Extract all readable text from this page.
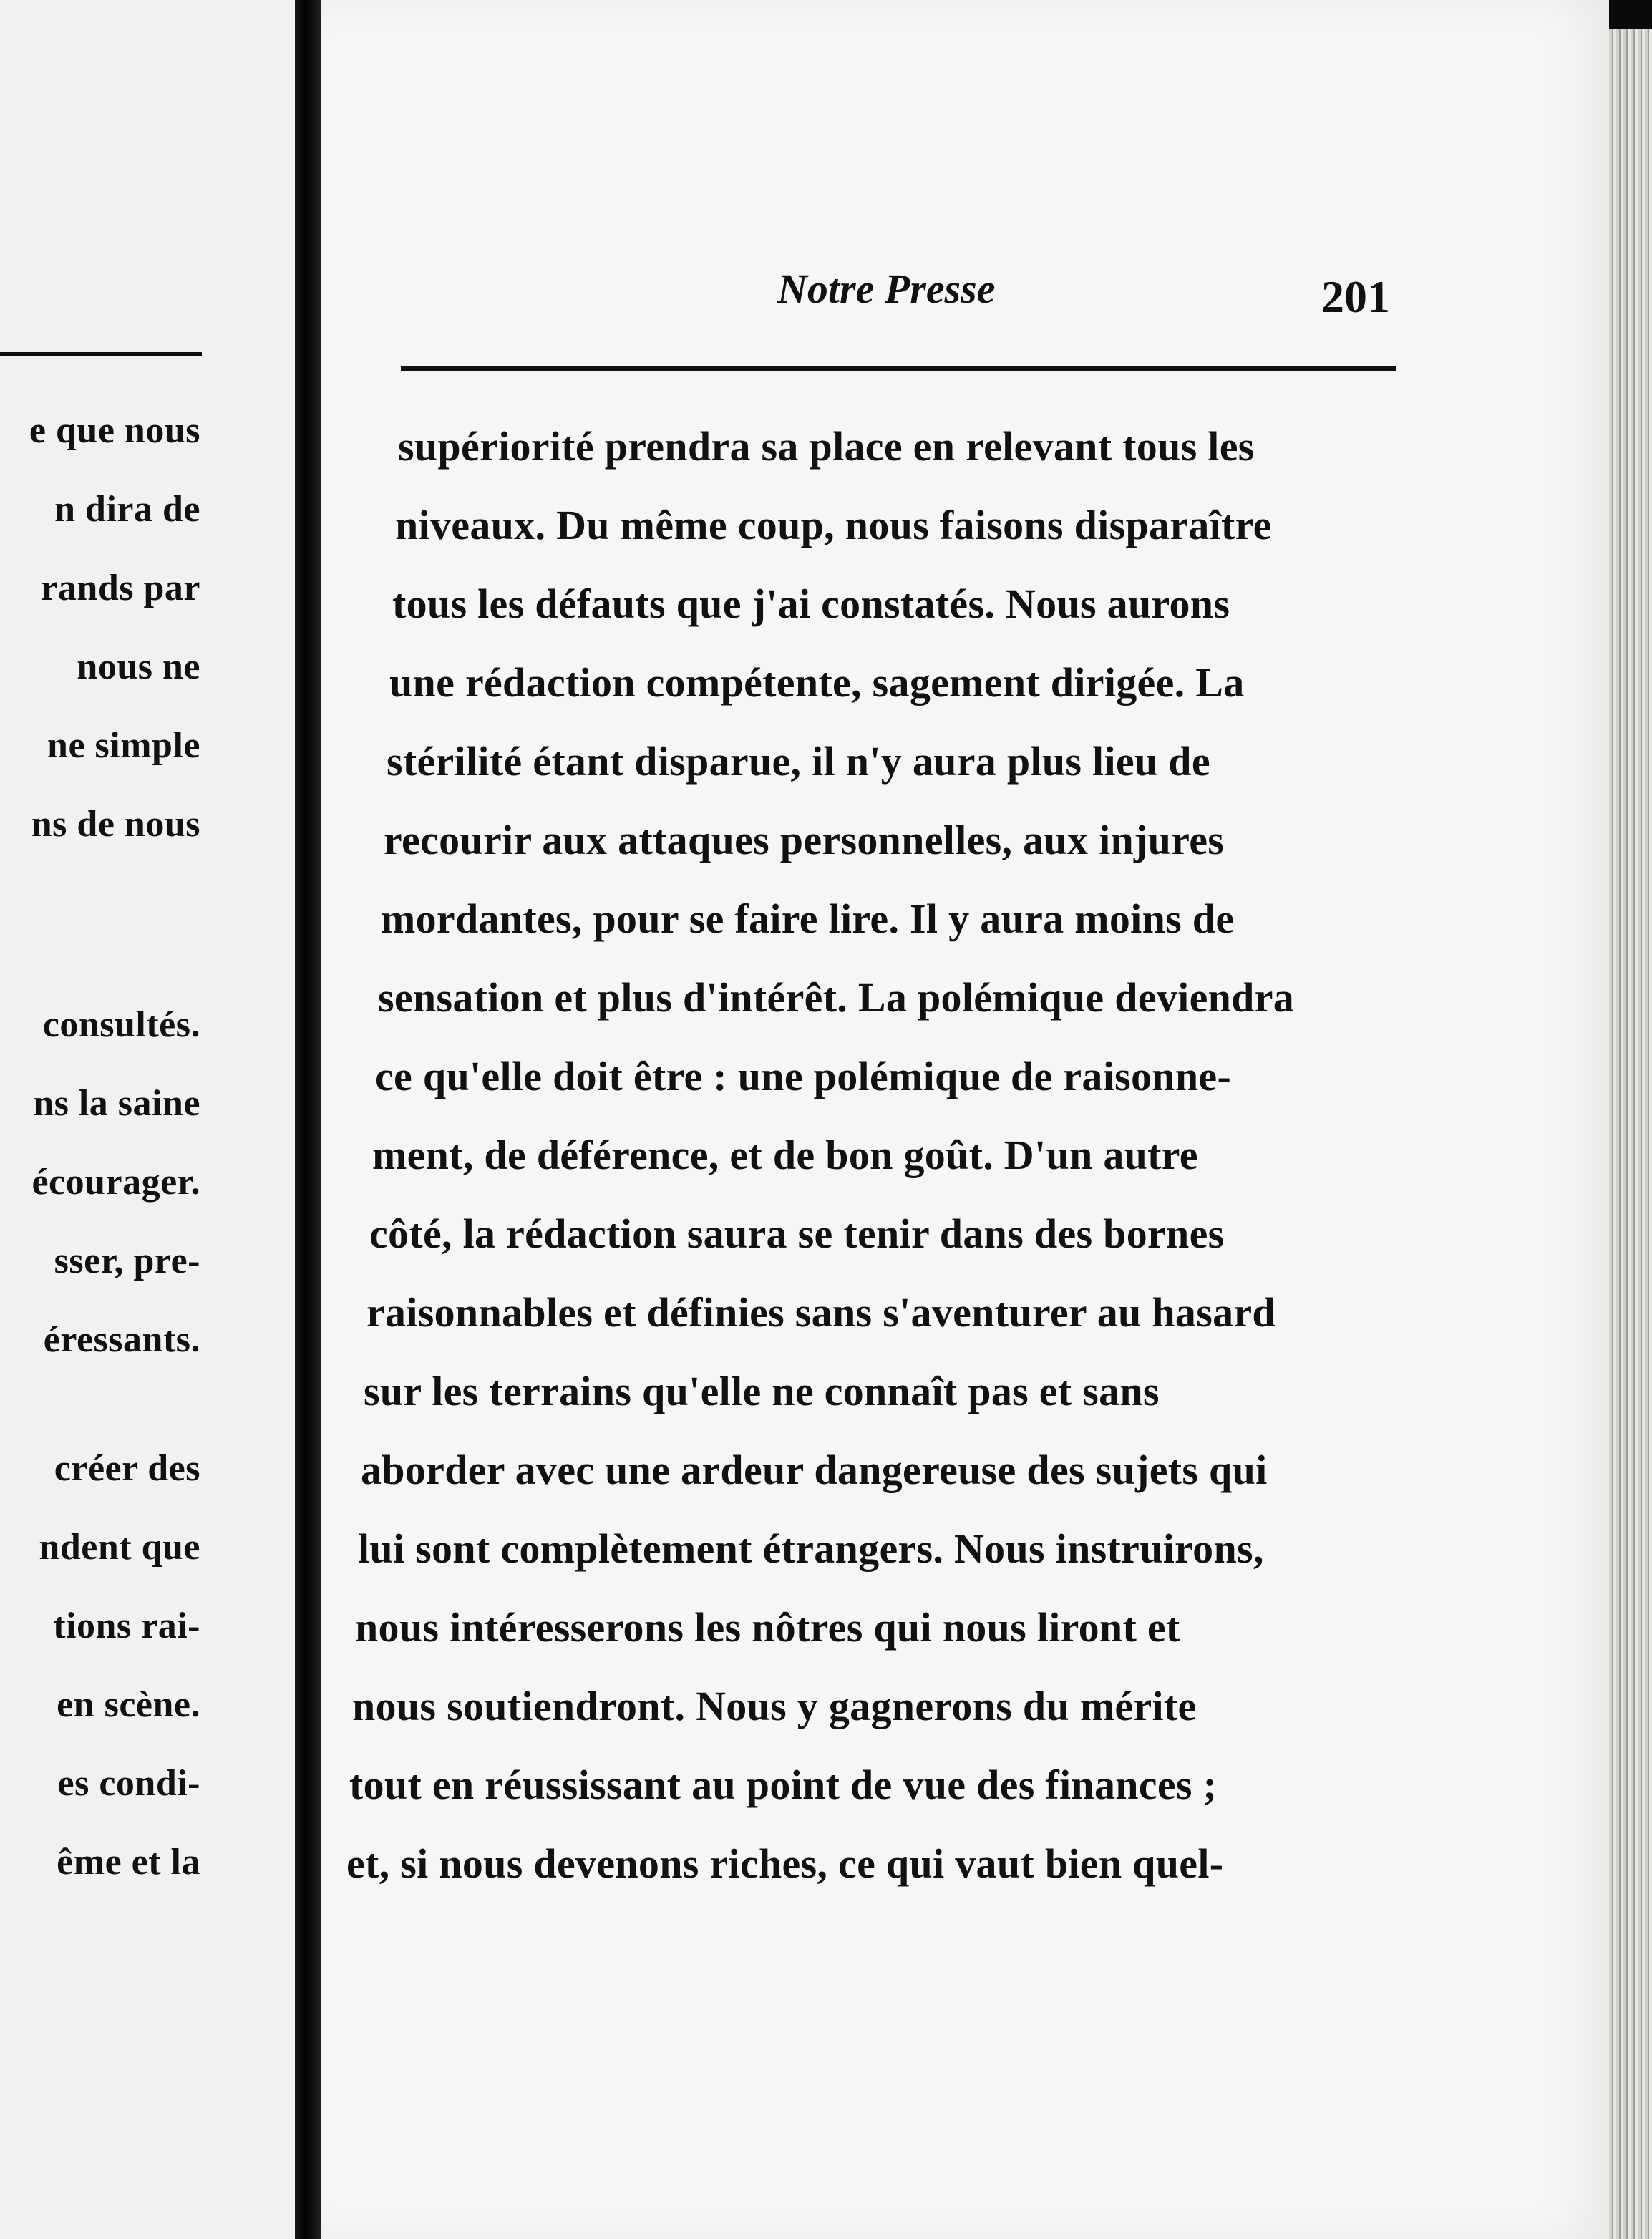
e que nous

n dira de

rands par

nous ne

ne simple

ns de nous

consultés.

ns la saine

écourager.

sser, pre-

éressants.

créer des

ndent que

tions rai-

en scène.

es condi-

ême et la

Notre Presse	201

supériorité prendra sa place en relevant tous les

niveaux. Du même coup, nous faisons disparaître

tous les défauts que j'ai constatés. Nous aurons

une rédaction compétente, sagement dirigée. La

stérilité étant disparue, il n'y aura plus lieu de

recourir aux attaques personnelles, aux injures

mordantes, pour se faire lire. Il y aura moins de

sensation et plus d'intérêt. La polémique deviendra

ce qu'elle doit être : une polémique de raisonne-

ment, de déférence, et de bon goût. D'un autre

côté, la rédaction saura se tenir dans des bornes

raisonnables et définies sans s'aventurer au hasard

sur les terrains qu'elle ne connaît pas et sans

aborder avec une ardeur dangereuse des sujets qui

lui sont complètement étrangers. Nous instruirons,

nous intéresserons les nôtres qui nous liront et

nous soutiendront. Nous y gagnerons du mérite

tout en réussissant au point de vue des finances ;

et, si nous devenons riches, ce qui vaut bien quel-
